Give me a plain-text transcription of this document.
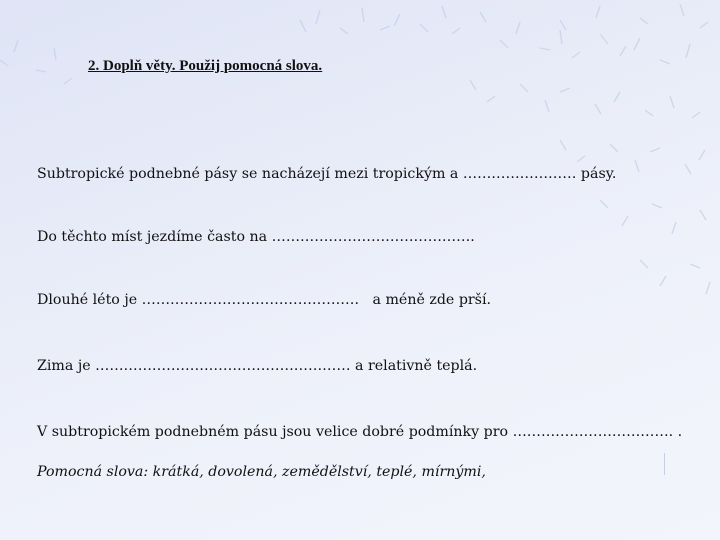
2. Doplň věty. Použij pomocná slova.
Subtropické podnebné pásy se nacházejí mezi tropickým a …………………… pásy.
Do těchto míst jezdíme často na …………………………………….
Dlouhé léto je ………………………………………. a méně zde prší.
Zima je ……………………………………………… a relativně teplá.
V subtropickém podnebném pásu jsou velice dobré podmínky pro ……………………………. .
Pomocná slova: krátká, dovolená, zemědělství, teplé, mírnými,
